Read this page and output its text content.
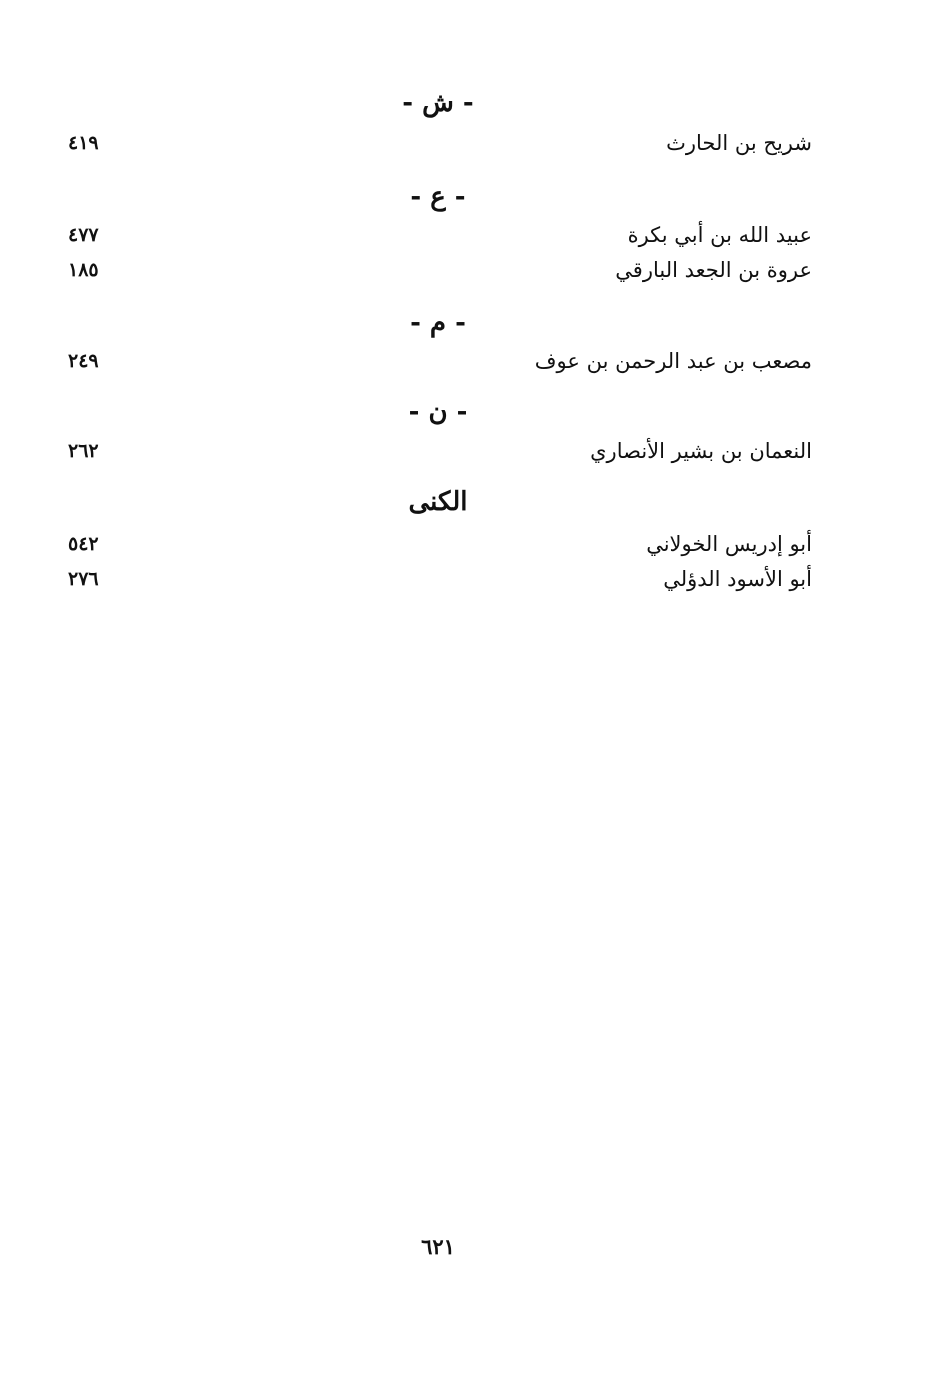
- ش -
شريح بن الحارث
٤١٩
- ع -
عبيد الله بن أبي بكرة
٤٧٧
عروة بن الجعد البارقي
١٨٥
- م -
مصعب بن عبد الرحمن بن عوف
٢٤٩
- ن -
النعمان بن بشير الأنصاري
٢٦٢
الكنى
أبو إدريس الخولاني
٥٤٢
أبو الأسود الدؤلي
٢٧٦
٦٢١
